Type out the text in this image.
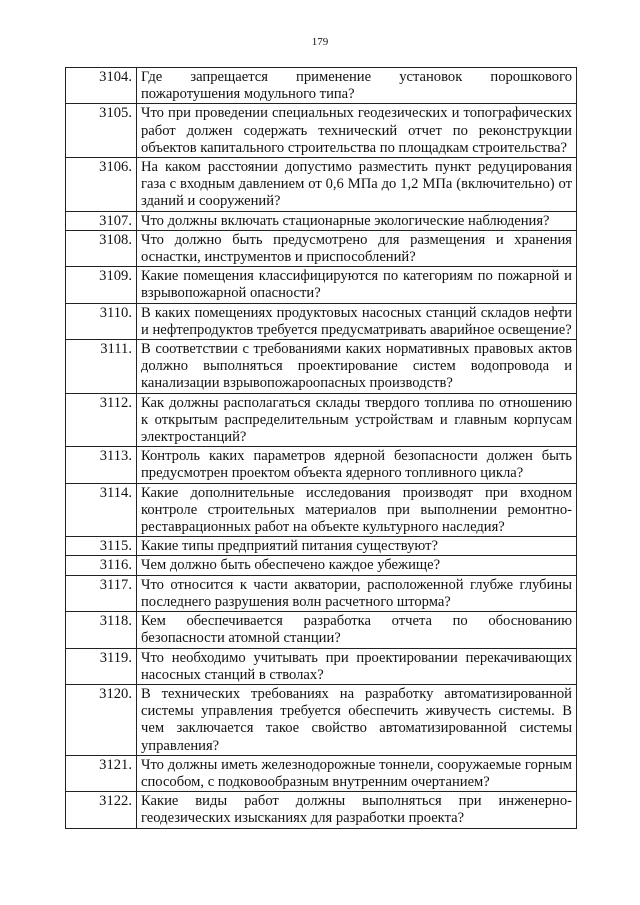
179
3104.	Где запрещается применение установок порошкового пожаротушения модульного типа?
3105.	Что при проведении специальных геодезических и топографических работ должен содержать технический отчет по реконструкции объектов капитального строительства по площадкам строительства?
3106.	На каком расстоянии допустимо разместить пункт редуцирования газа с входным давлением от 0,6 МПа до 1,2 МПа (включительно) от зданий и сооружений?
3107.	Что должны включать стационарные экологические наблюдения?
3108.	Что должно быть предусмотрено для размещения и хранения оснастки, инструментов и приспособлений?
3109.	Какие помещения классифицируются по категориям по пожарной и взрывопожарной опасности?
3110.	В каких помещениях продуктовых насосных станций складов нефти и нефтепродуктов требуется предусматривать аварийное освещение?
3111.	В соответствии с требованиями каких нормативных правовых актов должно выполняться проектирование систем водопровода и канализации взрывопожароопасных производств?
3112.	Как должны располагаться склады твердого топлива по отношению к открытым распределительным устройствам и главным корпусам электростанций?
3113.	Контроль каких параметров ядерной безопасности должен быть предусмотрен проектом объекта ядерного топливного цикла?
3114.	Какие дополнительные исследования производят при входном контроле строительных материалов при выполнении ремонтно-реставрационных работ на объекте культурного наследия?
3115.	Какие типы предприятий питания существуют?
3116.	Чем должно быть обеспечено каждое убежище?
3117.	Что относится к части акватории, расположенной глубже глубины последнего разрушения волн расчетного шторма?
3118.	Кем обеспечивается разработка отчета по обоснованию безопасности атомной станции?
3119.	Что необходимо учитывать при проектировании перекачивающих насосных станций в стволах?
3120.	В технических требованиях на разработку автоматизированной системы управления требуется обеспечить живучесть системы. В чем заключается такое свойство автоматизированной системы управления?
3121.	Что должны иметь железнодорожные тоннели, сооружаемые горным способом, с подковообразным внутренним очертанием?
3122.	Какие виды работ должны выполняться при инженерно-геодезических изысканиях для разработки проекта?
